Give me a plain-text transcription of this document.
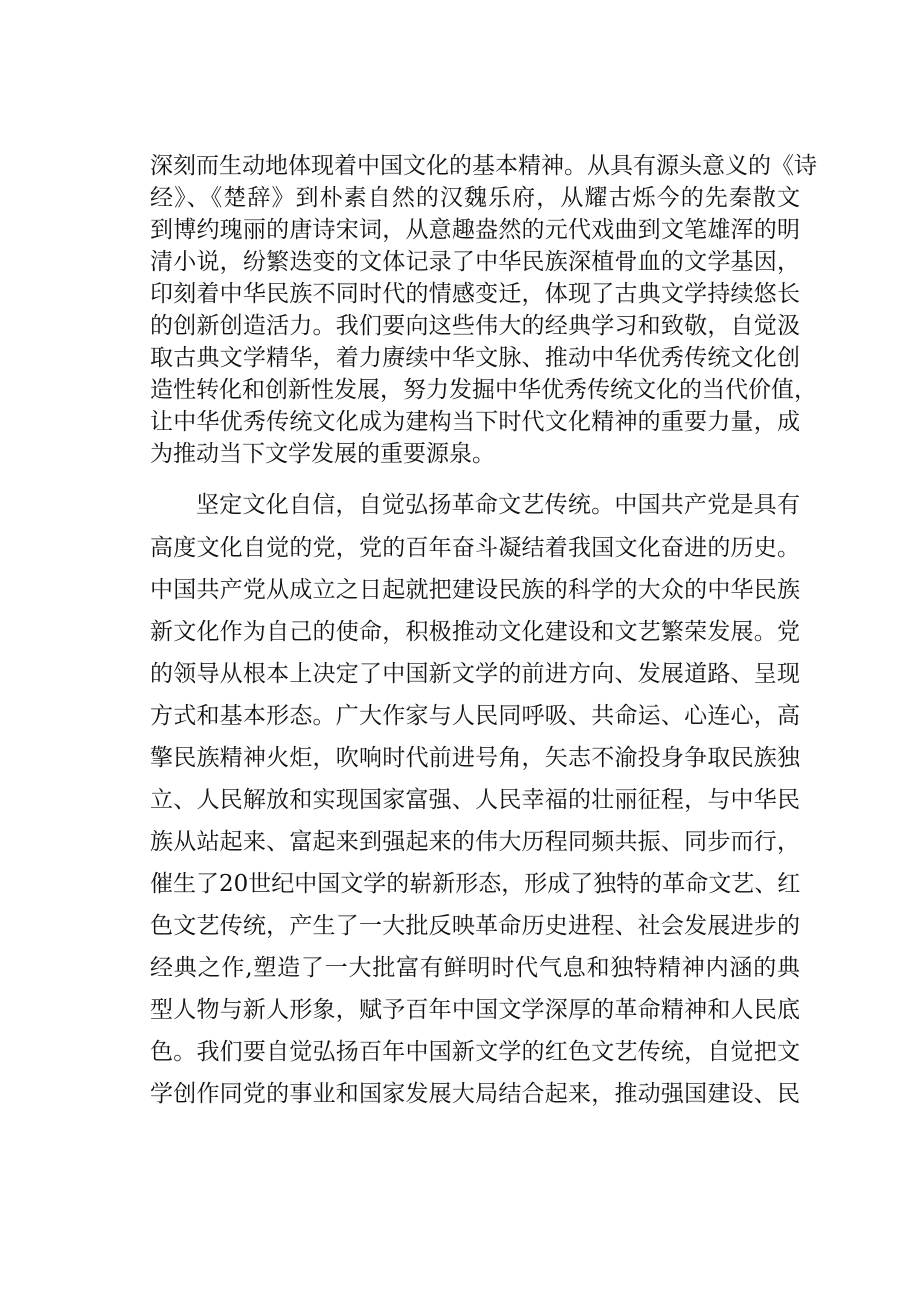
深刻而生动地体现着中国文化的基本精神。从具有源头意义的《诗
经》、《楚辞》到朴素自然的汉魏乐府，从耀古烁今的先秦散文
到博约瑰丽的唐诗宋词，从意趣盎然的元代戏曲到文笔雄浑的明
清小说，纷繁迭变的文体记录了中华民族深植骨血的文学基因，
印刻着中华民族不同时代的情感变迁，体现了古典文学持续悠长
的创新创造活力。我们要向这些伟大的经典学习和致敬，自觉汲
取古典文学精华，着力赓续中华文脉、推动中华优秀传统文化创
造性转化和创新性发展，努力发掘中华优秀传统文化的当代价值，
让中华优秀传统文化成为建构当下时代文化精神的重要力量，成
为推动当下文学发展的重要源泉。
坚定文化自信，自觉弘扬革命文艺传统。中国共产党是具有
高度文化自觉的党，党的百年奋斗凝结着我国文化奋进的历史。
中国共产党从成立之日起就把建设民族的科学的大众的中华民族
新文化作为自己的使命，积极推动文化建设和文艺繁荣发展。党
的领导从根本上决定了中国新文学的前进方向、发展道路、呈现
方式和基本形态。广大作家与人民同呼吸、共命运、心连心，高
擎民族精神火炬，吹响时代前进号角，矢志不渝投身争取民族独
立、人民解放和实现国家富强、人民幸福的壮丽征程，与中华民
族从站起来、富起来到强起来的伟大历程同频共振、同步而行，
催生了20世纪中国文学的崭新形态，形成了独特的革命文艺、红
色文艺传统，产生了一大批反映革命历史进程、社会发展进步的
经典之作,塑造了一大批富有鲜明时代气息和独特精神内涵的典
型人物与新人形象，赋予百年中国文学深厚的革命精神和人民底
色。我们要自觉弘扬百年中国新文学的红色文艺传统，自觉把文
学创作同党的事业和国家发展大局结合起来，推动强国建设、民
